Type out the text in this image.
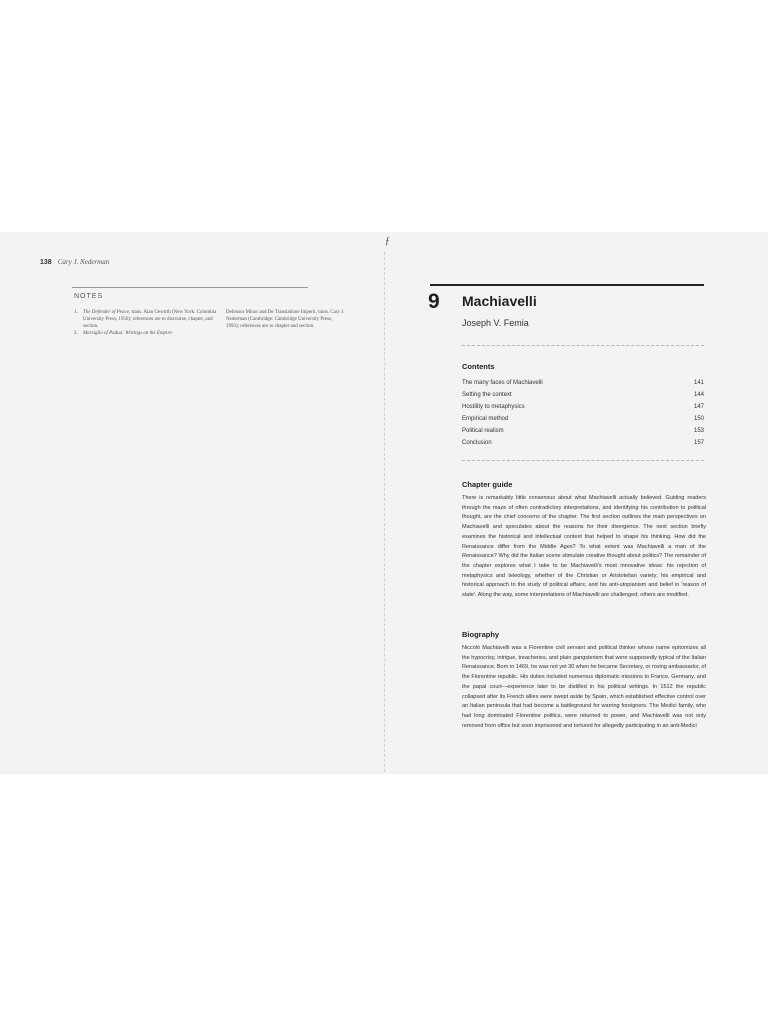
138 Cary J. Nederman
NOTES
1.	The Defender of Peace, trans. Alan Gewirth (New York: Columbia University Press, 1956); references are to discourse, chapter, and section.
2.	Marsiglio of Padua: Writings on the Empire:
Defensor Minor and De Translatione Imperii, trans. Cary J. Nederman (Cambridge: Cambridge University Press, 1993); references are to chapter and section.
ƒ
9 Machiavelli
Joseph V. Femia
Contents
The many faces of Machiavelli	141
Setting the context	144
Hostility to metaphysics	147
Empirical method	150
Political realism	153
Conclusion	157
Chapter guide
There is remarkably little consensus about what Machiavelli actually believed. Guiding readers through the maze of often contradictory interpretations, and identifying his contribution to political thought, are the chief concerns of the chapter. The first section outlines the main perspectives on Machiavelli and speculates about the reasons for their divergence. The next section briefly examines the historical and intellectual context that helped to shape his thinking. How did the Renaissance differ from the Middle Ages? To what extent was Machiavelli a man of the Renaissance? Why did the Italian scene stimulate creative thought about politics? The remainder of the chapter explores what I take to be Machiavelli's most innovative ideas: his rejection of metaphysics and teleology, whether of the Christian or Aristotelian variety; his empirical and historical approach to the study of political affairs; and his anti-utopianism and belief in 'reason of state'. Along the way, some interpretations of Machiavelli are challenged; others are modified.
Biography
Niccolò Machiavelli was a Florentine civil servant and political thinker whose name epitomizes all the hypocrisy, intrigue, treacheries, and plain gangsterism that were supposedly typical of the Italian Renaissance. Born in 1469, he was not yet 30 when he became Secretary, or roving ambassador, of the Florentine republic. His duties included numerous diplomatic missions to France, Germany, and the papal court—experience later to be distilled in his political writings. In 1512 the republic collapsed after its French allies were swept aside by Spain, which established effective control over an Italian peninsula that had become a battleground for warring foreigners. The Medici family, who had long dominated Florentine politics, were returned to power, and Machiavelli was not only removed from office but soon imprisoned and tortured for allegedly participating in an anti-Medici
